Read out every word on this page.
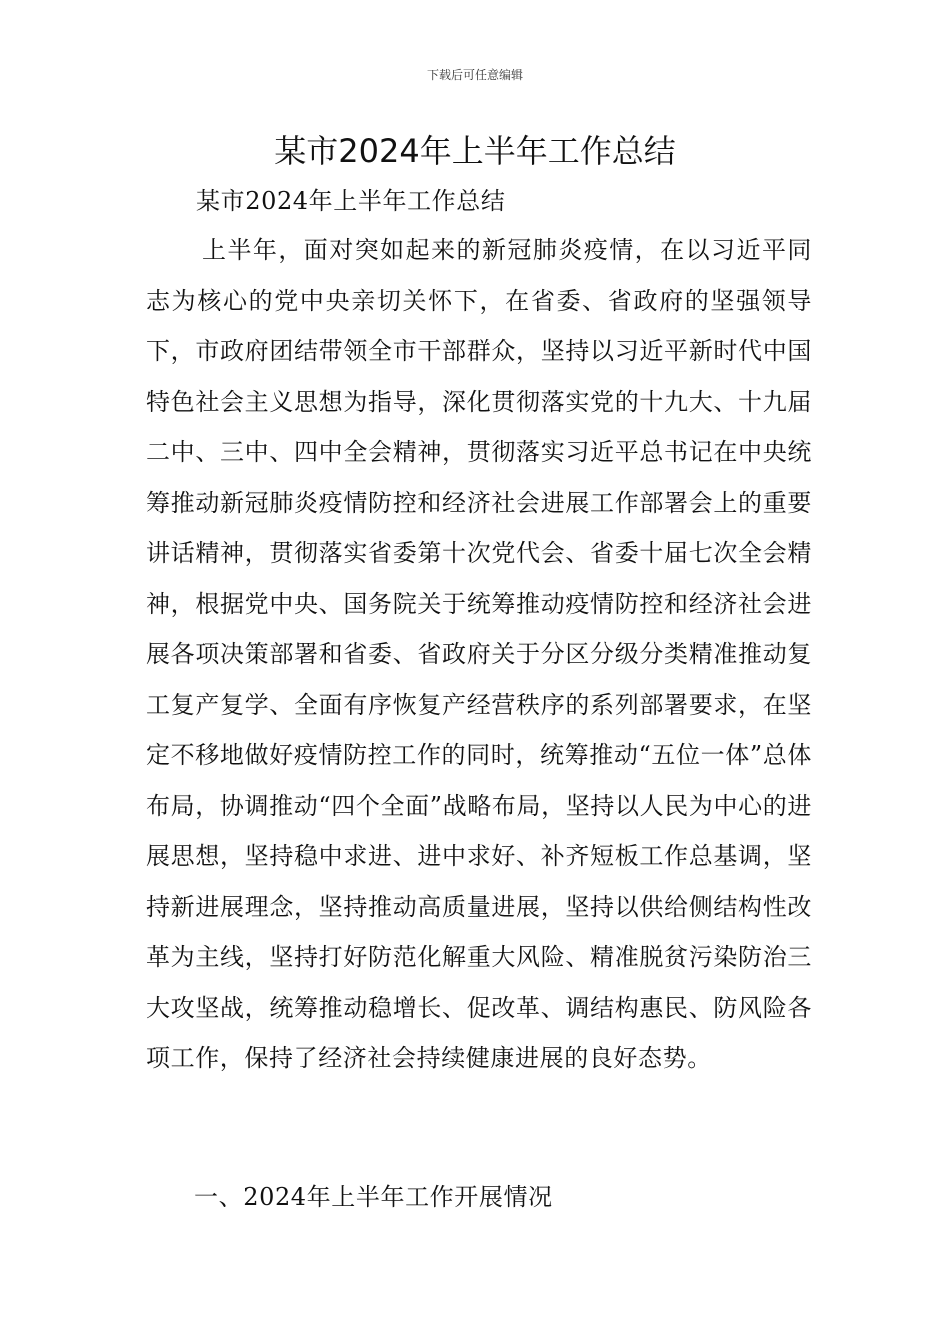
下载后可任意编辑
某市2024年上半年工作总结

某市2024年上半年工作总结

上半年，面对突如起来的新冠肺炎疫情，在以习近平同志为核心的党中央亲切关怀下，在省委、省政府的坚强领导下，市政府团结带领全市干部群众，坚持以习近平新时代中国特色社会主义思想为指导，深化贯彻落实党的十九大、十九届二中、三中、四中全会精神，贯彻落实习近平总书记在中央统筹推动新冠肺炎疫情防控和经济社会进展工作部署会上的重要讲话精神，贯彻落实省委第十次党代会、省委十届七次全会精神，根据党中央、国务院关于统筹推动疫情防控和经济社会进展各项决策部署和省委、省政府关于分区分级分类精准推动复工复产复学、全面有序恢复产经营秩序的系列部署要求，在坚定不移地做好疫情防控工作的同时，统筹推动“五位一体”总体布局，协调推动“四个全面”战略布局，坚持以人民为中心的进展思想，坚持稳中求进、进中求好、补齐短板工作总基调，坚持新进展理念，坚持推动高质量进展，坚持以供给侧结构性改革为主线，坚持打好防范化解重大风险、精准脱贫污染防治三大攻坚战，统筹推动稳增长、促改革、调结构惠民、防风险各项工作，保持了经济社会持续健康进展的良好态势。

一、2024年上半年工作开展情况
